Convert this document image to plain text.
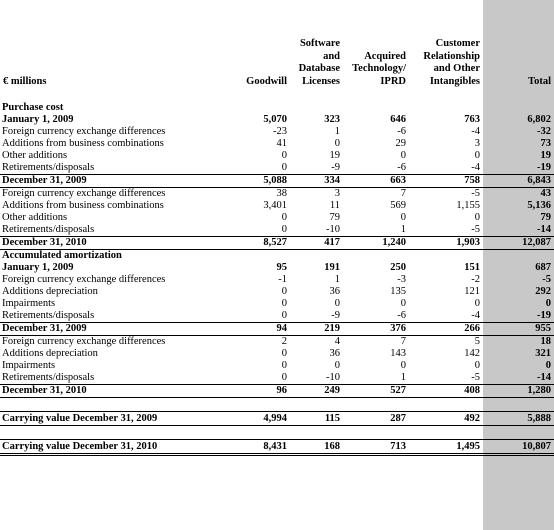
€ millions	Goodwill	Software and Database Licenses	Acquired Technology/ IPRD	Customer Relationship and Other Intangibles	Total

Purchase cost					
January 1, 2009	5,070	323	646	763	6,802
Foreign currency exchange differences	-23	1	-6	-4	-32
Additions from business combinations	41	0	29	3	73
Other additions	0	19	0	0	19
Retirements/disposals	0	-9	-6	-4	-19
December 31, 2009	5,088	334	663	758	6,843
Foreign currency exchange differences	38	3	7	-5	43
Additions from business combinations	3,401	11	569	1,155	5,136
Other additions	0	79	0	0	79
Retirements/disposals	0	-10	1	-5	-14
December 31, 2010	8,527	417	1,240	1,903	12,087
Accumulated amortization					
January 1, 2009	95	191	250	151	687
Foreign currency exchange differences	-1	1	-3	-2	-5
Additions depreciation	0	36	135	121	292
Impairments	0	0	0	0	0
Retirements/disposals	0	-9	-6	-4	-19
December 31, 2009	94	219	376	266	955
Foreign currency exchange differences	2	4	7	5	18
Additions depreciation	0	36	143	142	321
Impairments	0	0	0	0	0
Retirements/disposals	0	-10	1	-5	-14
December 31, 2010	96	249	527	408	1,280

Carrying value December 31, 2009	4,994	115	287	492	5,888

Carrying value December 31, 2010	8,431	168	713	1,495	10,807
